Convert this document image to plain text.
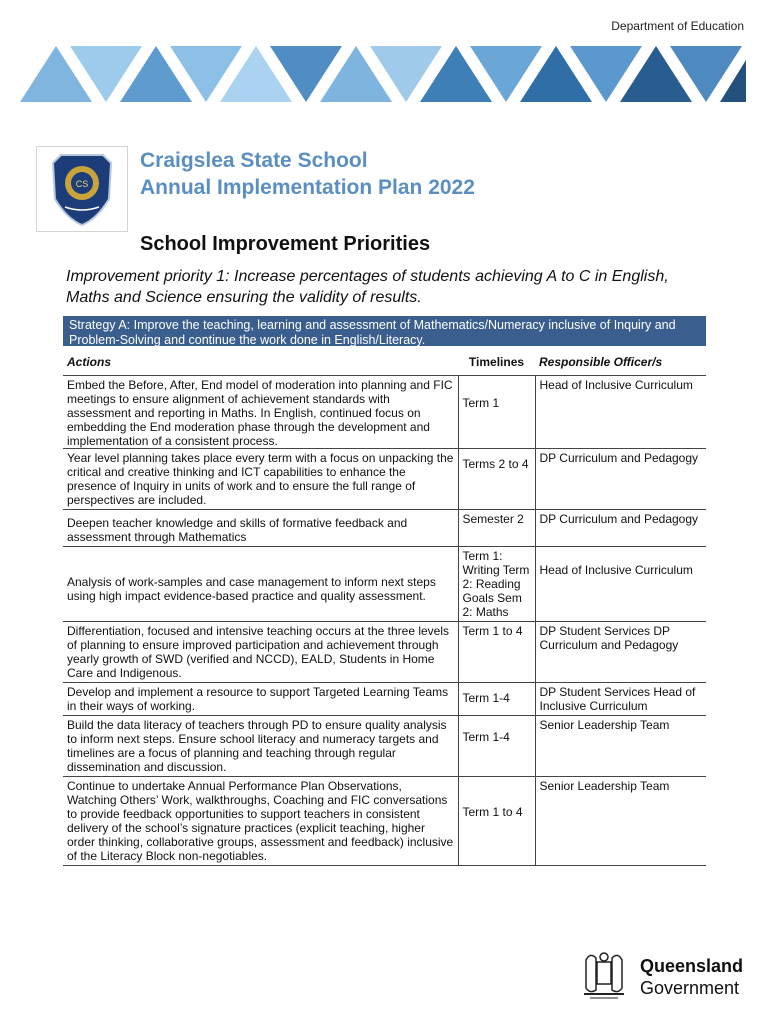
Department of Education
CS
Craigslea State School
Annual Implementation Plan 2022
School Improvement Priorities
Improvement priority 1: Increase percentages of students achieving A to C in English, Maths and Science ensuring the validity of results.
Strategy A: Improve the teaching, learning and assessment of Mathematics/Numeracy inclusive of Inquiry and Problem-Solving and continue the work done in English/Literacy.
Actions	Timelines	Responsible Officer/s
Embed the Before, After, End model of moderation into planning and FIC meetings to ensure alignment of achievement standards with assessment and reporting in Maths. In English, continued focus on embedding the End moderation phase through the development and implementation of a consistent process.	Term 1	Head of Inclusive Curriculum
Year level planning takes place every term with a focus on unpacking the critical and creative thinking and ICT capabilities to enhance the presence of Inquiry in units of work and to ensure the full range of perspectives are included.	Terms 2 to 4	DP Curriculum and Pedagogy
Deepen teacher knowledge and skills of formative feedback and assessment through Mathematics	Semester 2	DP Curriculum and Pedagogy
Analysis of work-samples and case management to inform next steps using high impact evidence-based practice and quality assessment.	Term 1: Writing Term 2: Reading Goals Sem 2: Maths	Head of Inclusive Curriculum
Differentiation, focused and intensive teaching occurs at the three levels of planning to ensure improved participation and achievement through yearly growth of SWD (verified and NCCD), EALD, Students in Home Care and Indigenous.	Term 1 to 4	DP Student Services DP Curriculum and Pedagogy
Develop and implement a resource to support Targeted Learning Teams in their ways of working.	Term 1-4	DP Student Services Head of Inclusive Curriculum
Build the data literacy of teachers through PD to ensure quality analysis to inform next steps. Ensure school literacy and numeracy targets and timelines are a focus of planning and teaching through regular dissemination and discussion.	Term 1-4	Senior Leadership Team
Continue to undertake Annual Performance Plan Observations, Watching Others’ Work, walkthroughs, Coaching and FIC conversations to provide feedback opportunities to support teachers in consistent delivery of the school’s signature practices (explicit teaching, higher order thinking, collaborative groups, assessment and feedback) inclusive of the Literacy Block non-negotiables.	Term 1 to 4	Senior Leadership Team
Queensland
Government
